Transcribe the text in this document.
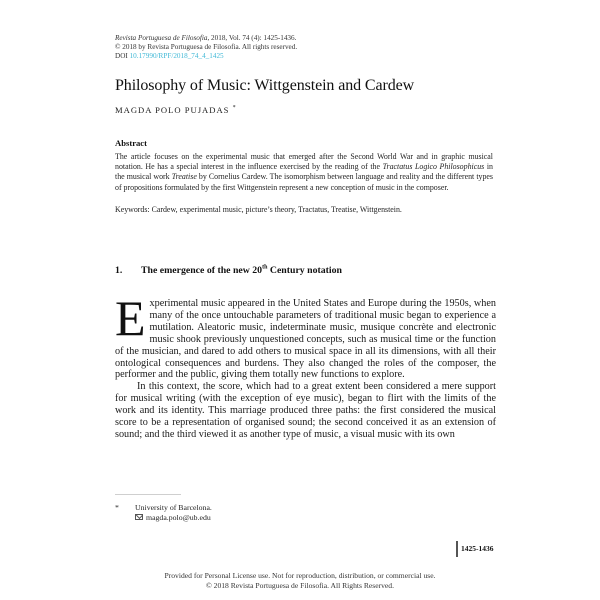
Revista Portuguesa de Filosofia, 2018, Vol. 74 (4): 1425-1436.
© 2018 by Revista Portuguesa de Filosofia. All rights reserved.
DOI 10.17990/RPF/2018_74_4_1425
Philosophy of Music: Wittgenstein and Cardew
MAGDA POLO PUJADAS *
Abstract
The article focuses on the experimental music that emerged after the Second World War and in graphic musical notation. He has a special interest in the influence exercised by the reading of the Tractatus Logico Philosophicus in the musical work Treatise by Cornelius Cardew. The isomorphism between language and reality and the different types of propositions formulated by the first Wittgenstein represent a new conception of music in the composer.
Keywords: Cardew, experimental music, picture’s theory, Tractatus, Treatise, Wittgenstein.
1. The emergence of the new 20th Century notation

Experimental music appeared in the United States and Europe during the 1950s, when many of the once untouchable parameters of traditional music began to experience a mutilation. Aleatoric music, indeterminate music, musique concrète and electronic music shook previously unquestioned concepts, such as musical time or the function of the musician, and dared to add others to musical space in all its dimensions, with all their ontological consequences and burdens. They also changed the roles of the composer, the performer and the public, giving them totally new functions to explore.

In this context, the score, which had to a great extent been considered a mere support for musical writing (with the exception of eye music), began to flirt with the limits of the work and its identity. This marriage produced three paths: the first considered the musical score to be a representation of organised sound; the second conceived it as an extension of sound; and the third viewed it as another type of music, a visual music with its own

* University of Barcelona.
magda.polo@ub.edu
1425-1436
Provided for Personal License use. Not for reproduction, distribution, or commercial use.
© 2018 Revista Portuguesa de Filosofia. All Rights Reserved.
